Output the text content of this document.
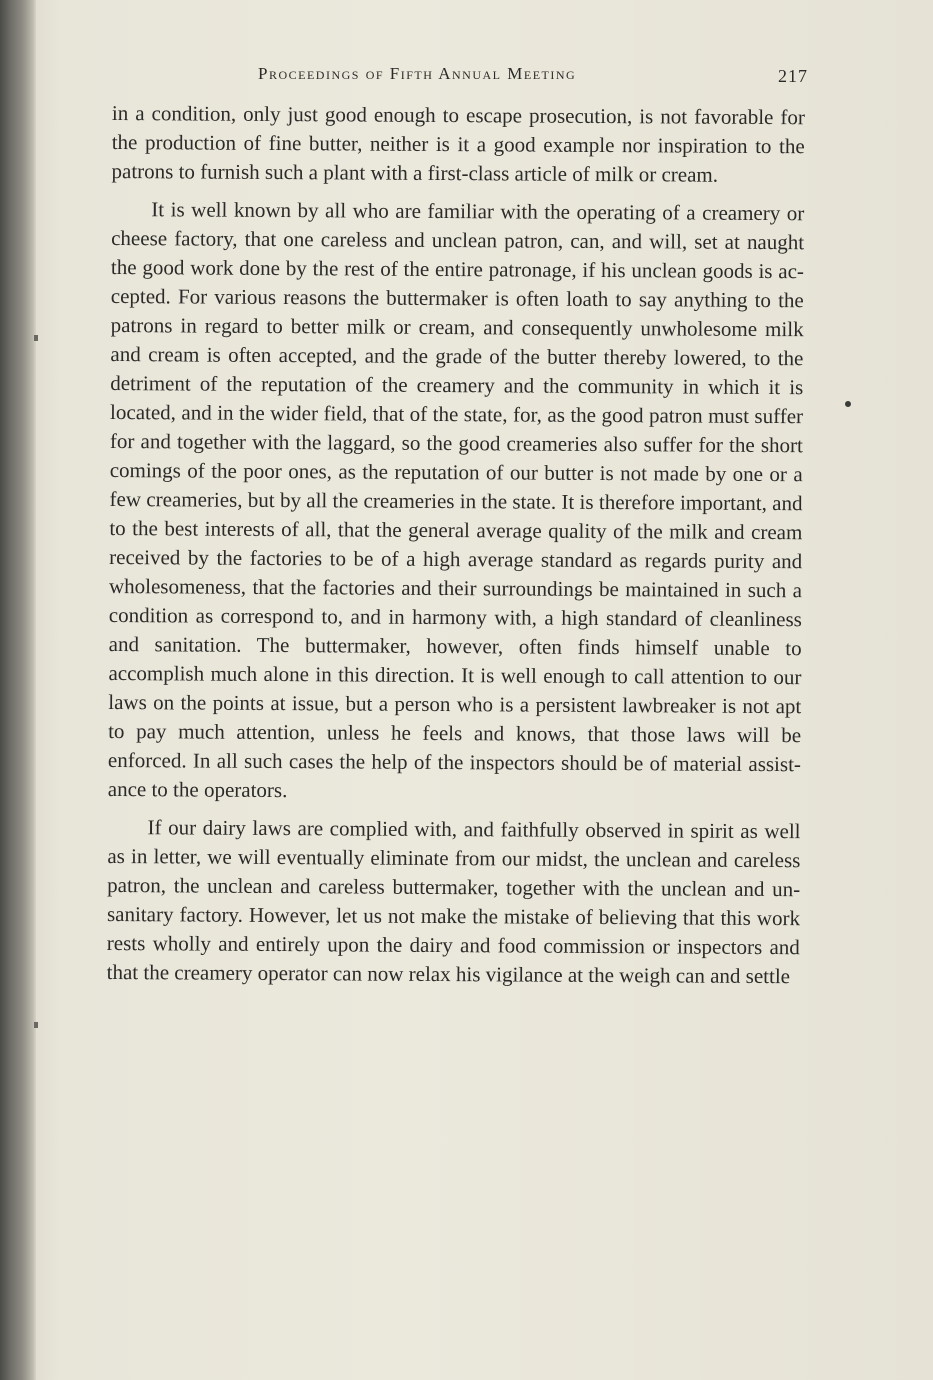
Proceedings of Fifth Annual Meeting	217

in a condition, only just good enough to escape prosecution, is not favorable for the production of fine butter, neither is it a good example nor inspiration to the patrons to furnish such a plant with a first-class article of milk or cream.

It is well known by all who are familiar with the operating of a creamery or cheese factory, that one careless and unclean patron, can, and will, set at naught the good work done by the rest of the entire patronage, if his unclean goods is accepted. For various reasons the buttermaker is often loath to say anything to the patrons in regard to better milk or cream, and consequently unwholesome milk and cream is often accepted, and the grade of the butter thereby lowered, to the detriment of the reputation of the creamery and the community in which it is located, and in the wider field, that of the state, for, as the good patron must suffer for and together with the laggard, so the good creameries also suffer for the short comings of the poor ones, as the reputation of our butter is not made by one or a few creameries, but by all the creameries in the state. It is therefore important, and to the best interests of all, that the general average quality of the milk and cream received by the factories to be of a high average standard as regards purity and wholesomeness, that the factories and their surroundings be maintained in such a condition as correspond to, and in harmony with, a high standard of cleanliness and sanitation. The buttermaker, however, often finds himself unable to accomplish much alone in this direction. It is well enough to call attention to our laws on the points at issue, but a person who is a persistent lawbreaker is not apt to pay much attention, unless he feels and knows, that those laws will be enforced. In all such cases the help of the inspectors should be of material assistance to the operators.

If our dairy laws are complied with, and faithfully observed in spirit as well as in letter, we will eventually eliminate from our midst, the unclean and careless patron, the unclean and careless buttermaker, together with the unclean and unsanitary factory. However, let us not make the mistake of believing that this work rests wholly and entirely upon the dairy and food commission or inspectors and that the creamery operator can now relax his vigilance at the weigh can and settle
